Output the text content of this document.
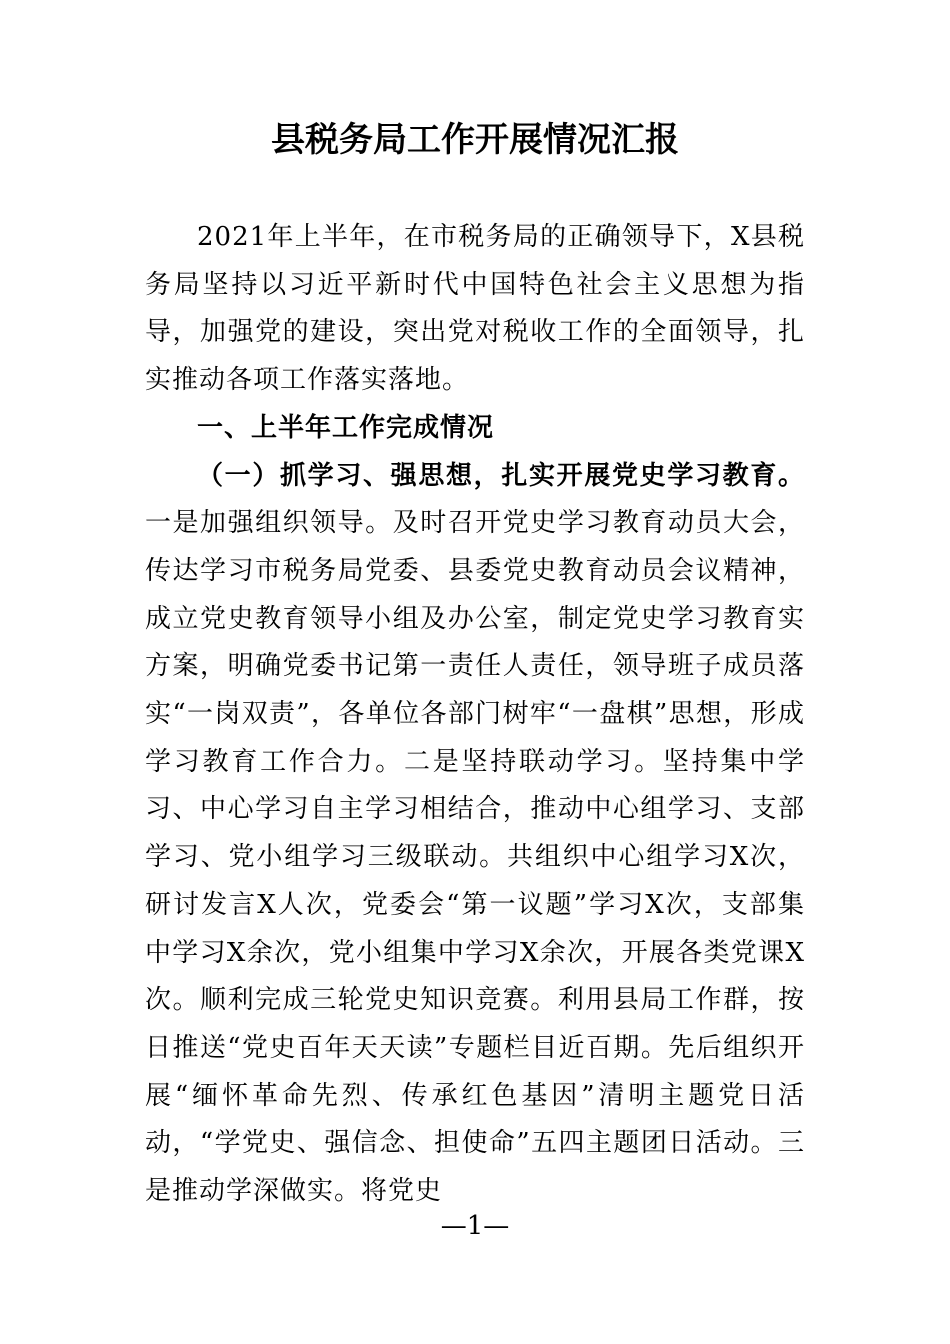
县税务局工作开展情况汇报

2021年上半年，在市税务局的正确领导下，X县税务局坚持以习近平新时代中国特色社会主义思想为指导，加强党的建设，突出党对税收工作的全面领导，扎实推动各项工作落实落地。

一、上半年工作完成情况

（一）抓学习、强思想，扎实开展党史学习教育。一是加强组织领导。及时召开党史学习教育动员大会，传达学习市税务局党委、县委党史教育动员会议精神，成立党史教育领导小组及办公室，制定党史学习教育实方案，明确党委书记第一责任人责任，领导班子成员落实“一岗双责”，各单位各部门树牢“一盘棋”思想，形成学习教育工作合力。二是坚持联动学习。坚持集中学习、中心学习自主学习相结合，推动中心组学习、支部学习、党小组学习三级联动。共组织中心组学习X次，研讨发言X人次，党委会“第一议题”学习X次，支部集中学习X余次，党小组集中学习X余次，开展各类党课X次。顺利完成三轮党史知识竞赛。利用县局工作群，按日推送“党史百年天天读”专题栏目近百期。先后组织开展“缅怀革命先烈、传承红色基因”清明主题党日活动，“学党史、强信念、担使命”五四主题团日活动。三是推动学深做实。将党史

—1—
